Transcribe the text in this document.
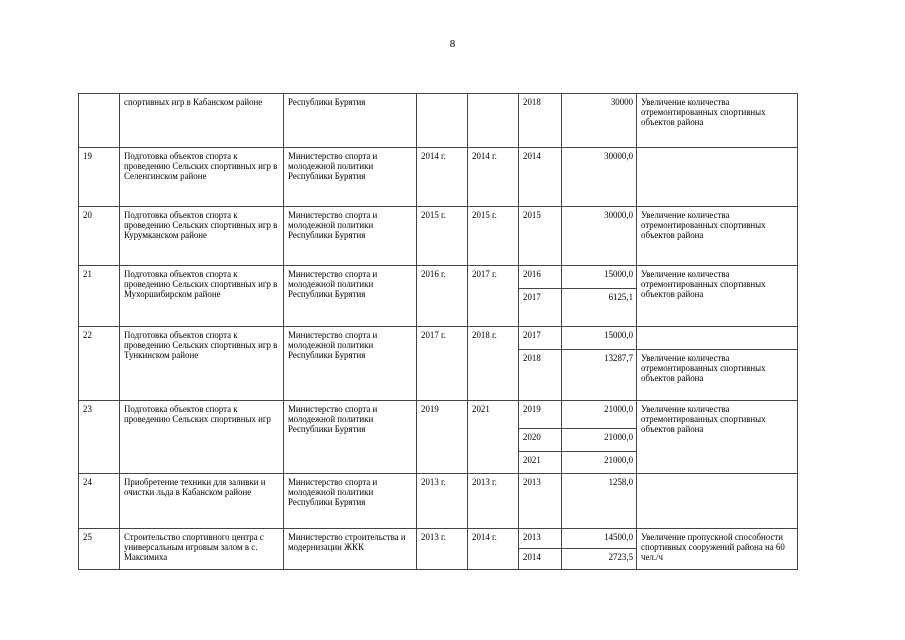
8
	спортивных игр в Кабанском районе	Республики Бурятия			2018	30000	Увеличение количества отремонтированных спортивных объектов района
19	Подготовка объектов спорта к проведению Сельских спортивных игр в Селенгинском районе	Министерство спорта и молодежной политики Республики Бурятия	2014 г.	2014 г.	2014	30000,0	
20	Подготовка объектов спорта к проведению Сельских спортивных игр в Курумканском районе	Министерство спорта и молодежной политики Республики Бурятия	2015 г.	2015 г.	2015	30000,0	Увеличение количества отремонтированных спортивных объектов района
21	Подготовка объектов спорта к проведению Сельских спортивных игр в Мухоршибирском районе	Министерство спорта и молодежной политики Республики Бурятия	2016 г.	2017 г.	2016	15000,0	Увеличение количества отремонтированных спортивных объектов района
					2017	6125,1	
22	Подготовка объектов спорта к проведению Сельских спортивных игр в Тункинском районе	Министерство спорта и молодежной политики Республики Бурятия	2017 г.	2018 г.	2017	15000,0	
					2018	13287,7	Увеличение количества отремонтированных спортивных объектов района
23	Подготовка объектов спорта к проведению Сельских спортивных игр	Министерство спорта и молодежной политики Республики Бурятия	2019	2021	2019	21000,0	Увеличение количества отремонтированных спортивных объектов района
					2020	21000,0	
					2021	21000,0	
24	Приобретение техники для заливки и очистки льда в Кабанском районе	Министерство спорта и молодежной политики Республики Бурятия	2013 г.	2013 г.	2013	1258,0	
25	Строительство спортивного центра с универсальным игровым залом в с. Максимиха	Министерство строительства и модернизации ЖКК	2013 г.	2014 г.	2013	14500,0	Увеличение пропускной способности спортивных сооружений района на 60 чел./ч
					2014	2723,5	
